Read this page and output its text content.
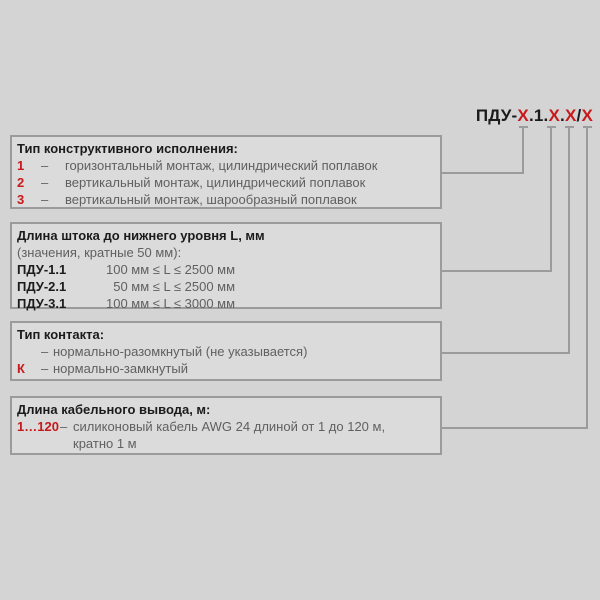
ПДУ-X.1.X.X/X
Тип конструктивного исполнения:
1	–	горизонтальный монтаж, цилиндрический поплавок
2	–	вертикальный монтаж, цилиндрический поплавок
3	–	вертикальный монтаж, шарообразный поплавок
Длина штока до нижнего уровня L, мм
(значения, кратные 50 мм):
ПДУ-1.1	100 мм ≤ L ≤ 2500 мм
ПДУ-2.1	50 мм ≤ L ≤ 2500 мм
ПДУ-3.1	100 мм ≤ L ≤ 3000 мм
Тип контакта:
– нормально-разомкнутый (не указывается)
К	– нормально-замкнутый
Длина кабельного вывода, м:
1…120 – силиконовый кабель AWG 24 длиной от 1 до 120 м,
кратно 1 м
